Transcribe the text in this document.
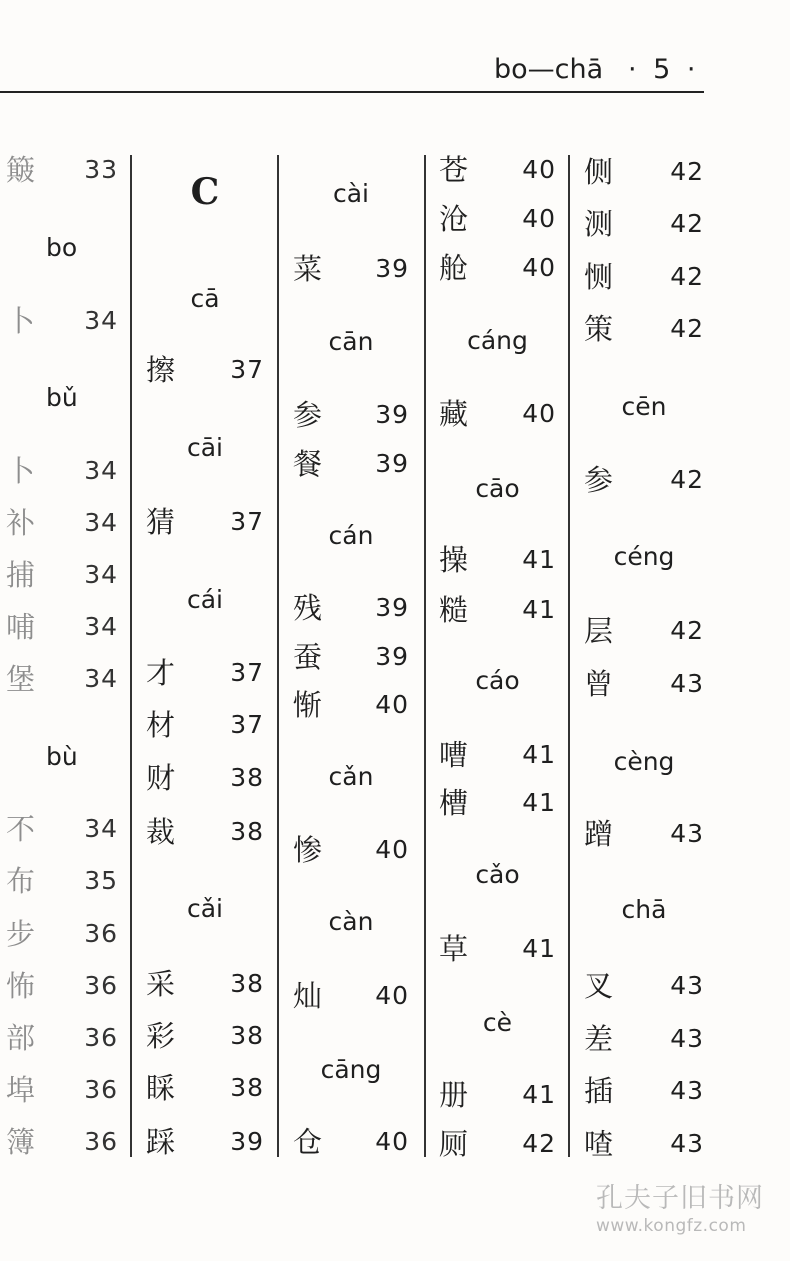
bo—chā · 5 ·
簸 33
bo
卜 34
bǔ
卜 34
补 34
捕 34
哺 34
堡 34
bù
不 34
布 35
步 36
怖 36
部 36
埠 36
簿 36
C
cā
擦 37
cāi
猜 37
cái
才 37
材 37
财 38
裁 38
cǎi
采 38
彩 38
睬 38
踩 39
cài
菜 39
cān
参 39
餐 39
cán
残 39
蚕 39
惭 40
cǎn
惨 40
càn
灿 40
cāng
仓 40
苍 40
沧 40
舱 40
cáng
藏 40
cāo
操 41
糙 41
cáo
嘈 41
槽 41
cǎo
草 41
cè
册 41
厕 42
侧 42
测 42
恻 42
策 42
cēn
参 42
céng
层 42
曾 43
cèng
蹭 43
chā
叉 43
差 43
插 43
喳 43
孔夫子旧书网
www.kongfz.com
